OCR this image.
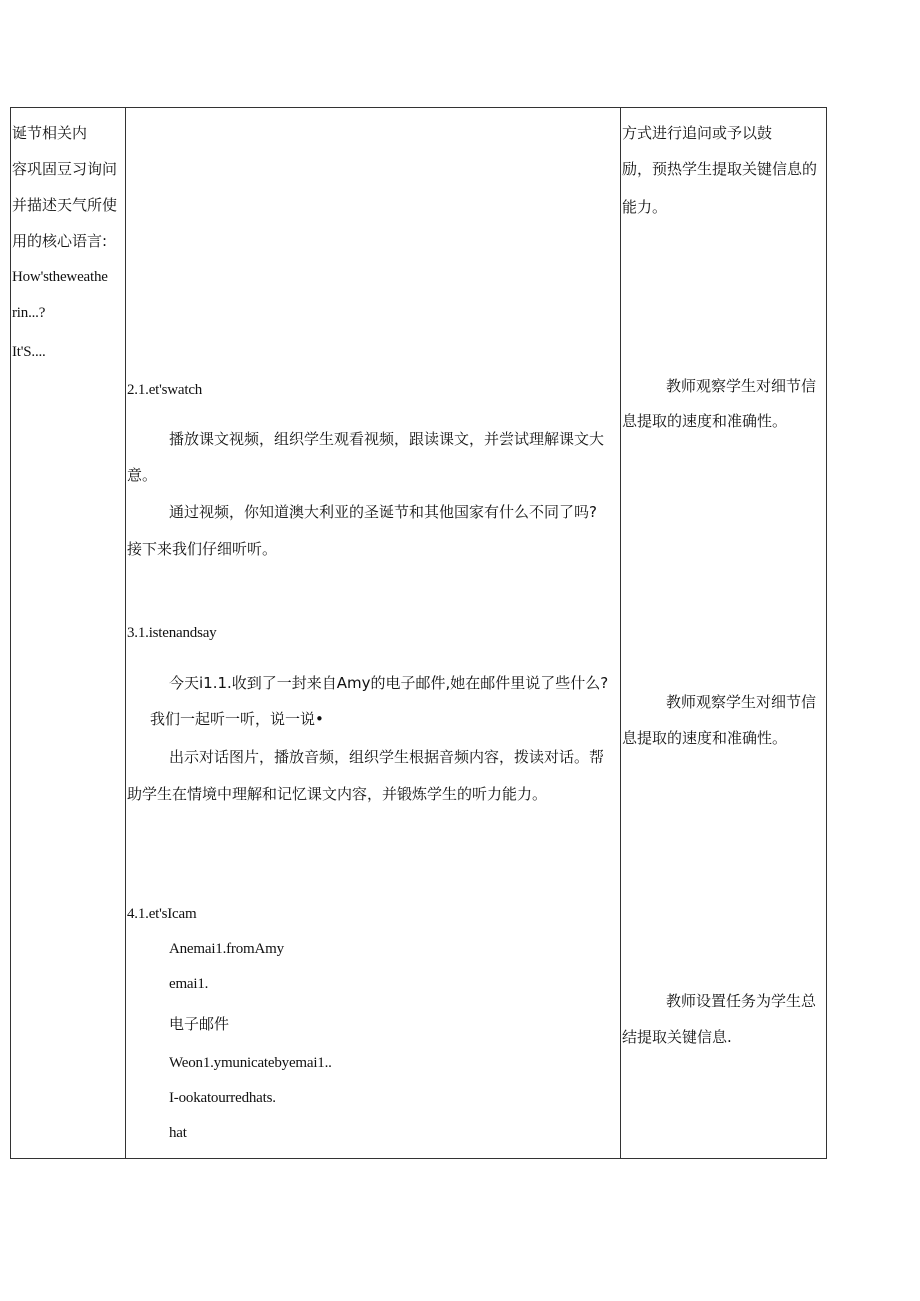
诞节相关内
容巩固豆习询问
并描述天气所使
用的核心语言:
How'stheweathe
rin...?
It'S....
2.1.et'swatch
播放课文视频，组织学生观看视频，跟读课文，并尝试理解课文大
意。
通过视频，你知道澳大利亚的圣诞节和其他国家有什么不同了吗?
接下来我们仔细听听。
3.1.istenandsay
今天i1.1.收到了一封来自Amy的电子邮件,她在邮件里说了些什么?
我们一起听一听，说一说•
出示对话图片，播放音频，组织学生根据音频内容，拨读对话。帮
助学生在情境中理解和记忆课文内容，并锻炼学生的听力能力。
4.1.et'sIcam
Anemai1.fromAmy
emai1.
电子邮件
Weon1.ymunicatebyemai1..
I-ookatourredhats.
hat
方式进行追问或予以鼓
励，预热学生提取关键信息的
能力。
教师观察学生对细节信
息提取的速度和准确性。
教师观察学生对细节信
息提取的速度和准确性。
教师设置任务为学生总
结提取关键信息.
